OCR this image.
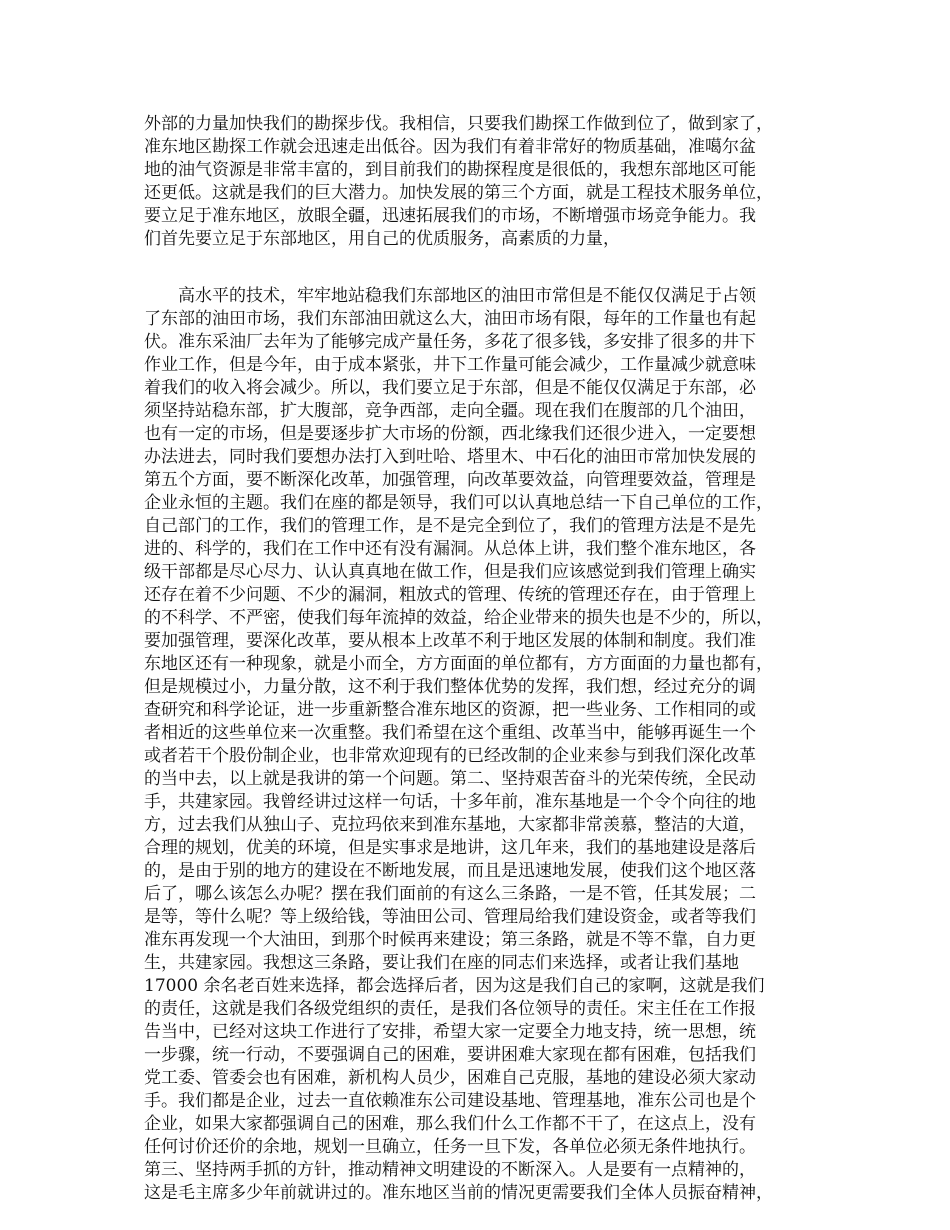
外部的力量加快我们的勘探步伐。我相信，只要我们勘探工作做到位了，做到家了，
准东地区勘探工作就会迅速走出低谷。因为我们有着非常好的物质基础，准噶尔盆
地的油气资源是非常丰富的，到目前我们的勘探程度是很低的，我想东部地区可能
还更低。这就是我们的巨大潜力。加快发展的第三个方面，就是工程技术服务单位，
要立足于准东地区，放眼全疆，迅速拓展我们的市场，不断增强市场竞争能力。我
们首先要立足于东部地区，用自己的优质服务，高素质的力量，
高水平的技术，牢牢地站稳我们东部地区的油田市常但是不能仅仅满足于占领
了东部的油田市场，我们东部油田就这么大，油田市场有限，每年的工作量也有起
伏。准东采油厂去年为了能够完成产量任务，多花了很多钱，多安排了很多的井下
作业工作，但是今年，由于成本紧张，井下工作量可能会减少，工作量减少就意味
着我们的收入将会减少。所以，我们要立足于东部，但是不能仅仅满足于东部，必
须坚持站稳东部，扩大腹部，竞争西部，走向全疆。现在我们在腹部的几个油田，
也有一定的市场，但是要逐步扩大市场的份额，西北缘我们还很少进入，一定要想
办法进去，同时我们要想办法打入到吐哈、塔里木、中石化的油田市常加快发展的
第五个方面，要不断深化改革，加强管理，向改革要效益，向管理要效益，管理是
企业永恒的主题。我们在座的都是领导，我们可以认真地总结一下自己单位的工作，
自己部门的工作，我们的管理工作，是不是完全到位了，我们的管理方法是不是先
进的、科学的，我们在工作中还有没有漏洞。从总体上讲，我们整个准东地区，各
级干部都是尽心尽力、认认真真地在做工作，但是我们应该感觉到我们管理上确实
还存在着不少问题、不少的漏洞，粗放式的管理、传统的管理还存在，由于管理上
的不科学、不严密，使我们每年流掉的效益，给企业带来的损失也是不少的，所以，
要加强管理，要深化改革，要从根本上改革不利于地区发展的体制和制度。我们准
东地区还有一种现象，就是小而全，方方面面的单位都有，方方面面的力量也都有，
但是规模过小，力量分散，这不利于我们整体优势的发挥，我们想，经过充分的调
查研究和科学论证，进一步重新整合准东地区的资源，把一些业务、工作相同的或
者相近的这些单位来一次重整。我们希望在这个重组、改革当中，能够再诞生一个
或者若干个股份制企业，也非常欢迎现有的已经改制的企业来参与到我们深化改革
的当中去，以上就是我讲的第一个问题。第二、坚持艰苦奋斗的光荣传统，全民动
手，共建家园。我曾经讲过这样一句话，十多年前，准东基地是一个令个向往的地
方，过去我们从独山子、克拉玛依来到准东基地，大家都非常羡慕，整洁的大道，
合理的规划，优美的环境，但是实事求是地讲，这几年来，我们的基地建设是落后
的，是由于别的地方的建设在不断地发展，而且是迅速地发展，使我们这个地区落
后了，哪么该怎么办呢？摆在我们面前的有这么三条路，一是不管，任其发展；二
是等，等什么呢？等上级给钱，等油田公司、管理局给我们建设资金，或者等我们
准东再发现一个大油田，到那个时候再来建设；第三条路，就是不等不靠，自力更
生，共建家园。我想这三条路，要让我们在座的同志们来选择，或者让我们基地
17000 余名老百姓来选择，都会选择后者，因为这是我们自己的家啊，这就是我们
的责任，这就是我们各级党组织的责任，是我们各位领导的责任。宋主任在工作报
告当中，已经对这块工作进行了安排，希望大家一定要全力地支持，统一思想，统
一步骤，统一行动，不要强调自己的困难，要讲困难大家现在都有困难，包括我们
党工委、管委会也有困难，新机构人员少，困难自己克服，基地的建设必须大家动
手。我们都是企业，过去一直依赖准东公司建设基地、管理基地，准东公司也是个
企业，如果大家都强调自己的困难，那么我们什么工作都不干了，在这点上，没有
任何讨价还价的余地，规划一旦确立，任务一旦下发，各单位必须无条件地执行。
第三、坚持两手抓的方针，推动精神文明建设的不断深入。人是要有一点精神的，
这是毛主席多少年前就讲过的。准东地区当前的情况更需要我们全体人员振奋精神，
